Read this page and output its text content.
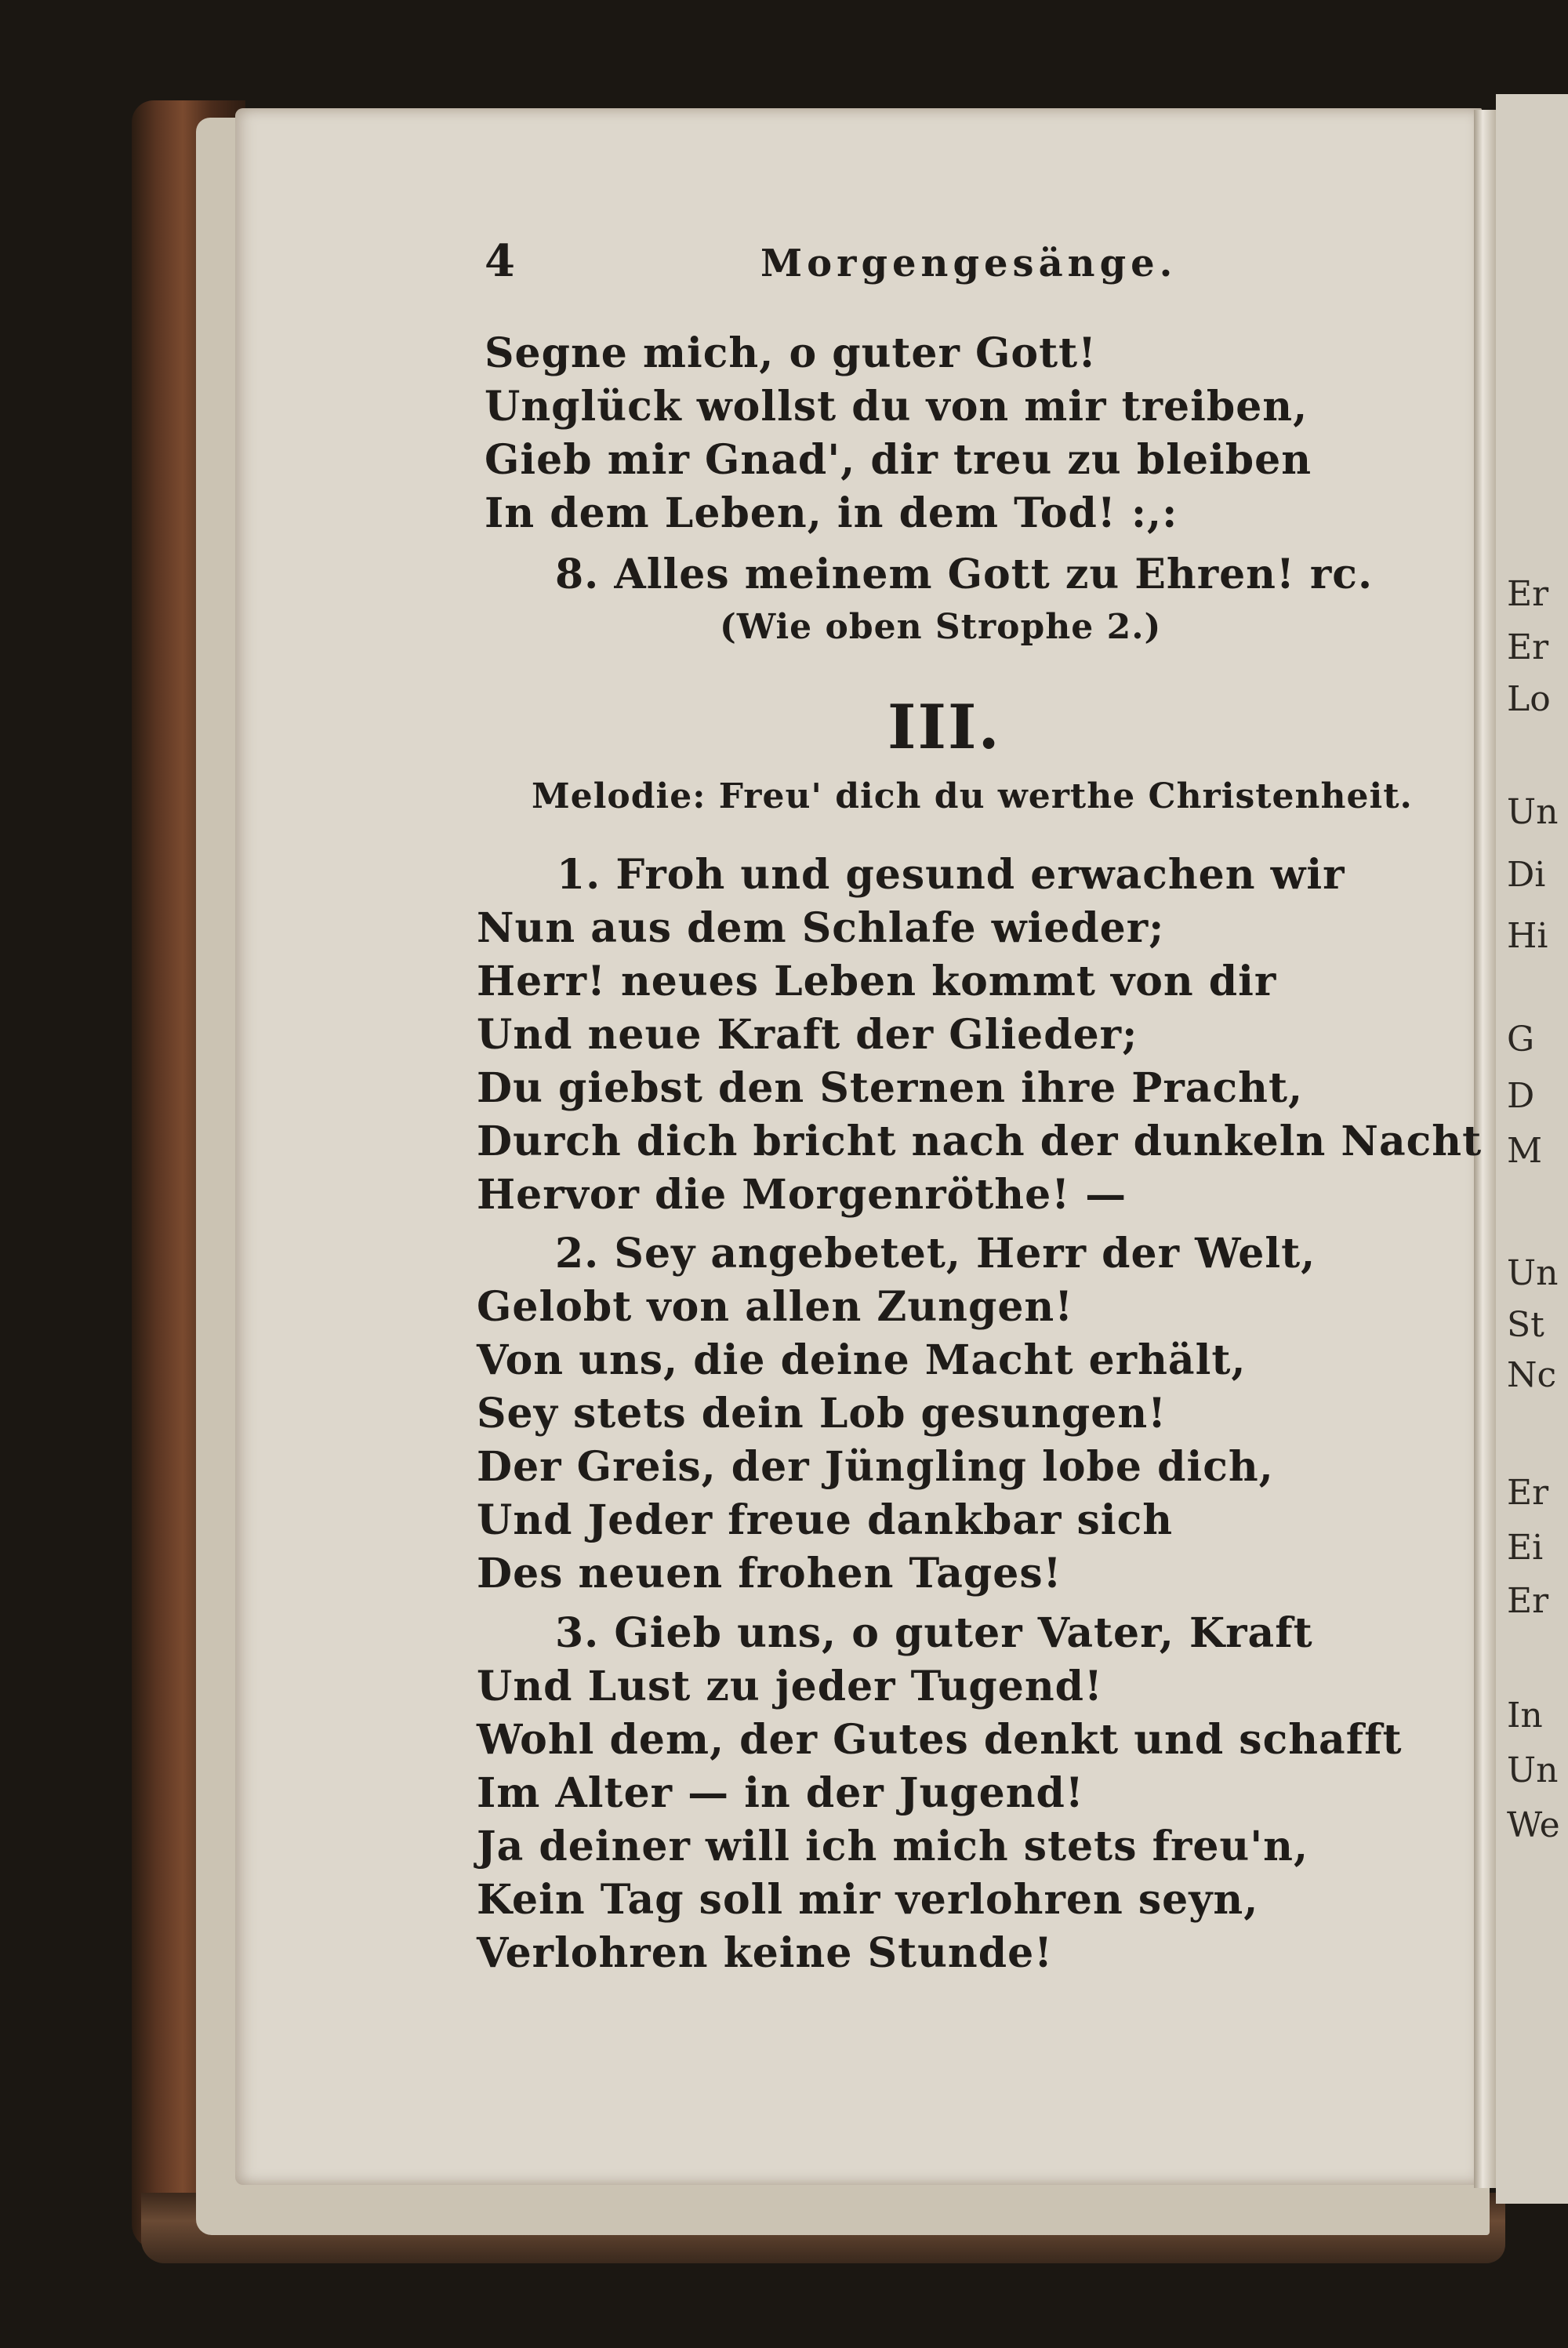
4	Morgengesänge.
Segne mich, o guter Gott!
Unglück wollst du von mir treiben,
Gieb mir Gnad', dir treu zu bleiben
In dem Leben, in dem Tod! :,:
8. Alles meinem Gott zu Ehren! rc.
(Wie oben Strophe 2.)
III.
Melodie: Freu' dich du werthe Christenheit.
1. Froh und gesund erwachen wir
Nun aus dem Schlafe wieder;
Herr! neues Leben kommt von dir
Und neue Kraft der Glieder;
Du giebst den Sternen ihre Pracht,
Durch dich bricht nach der dunkeln Nacht
Hervor die Morgenröthe! —
2. Sey angebetet, Herr der Welt,
Gelobt von allen Zungen!
Von uns, die deine Macht erhält,
Sey stets dein Lob gesungen!
Der Greis, der Jüngling lobe dich,
Und Jeder freue dankbar sich
Des neuen frohen Tages!
3. Gieb uns, o guter Vater, Kraft
Und Lust zu jeder Tugend!
Wohl dem, der Gutes denkt und schafft
Im Alter — in der Jugend!
Ja deiner will ich mich stets freu'n,
Kein Tag soll mir verlohren seyn,
Verlohren keine Stunde!
Er
Er
Lo
Un
Di
Hi
G
D
M
Un
St
Nc
Er
Ei
Er
In
Un
We
